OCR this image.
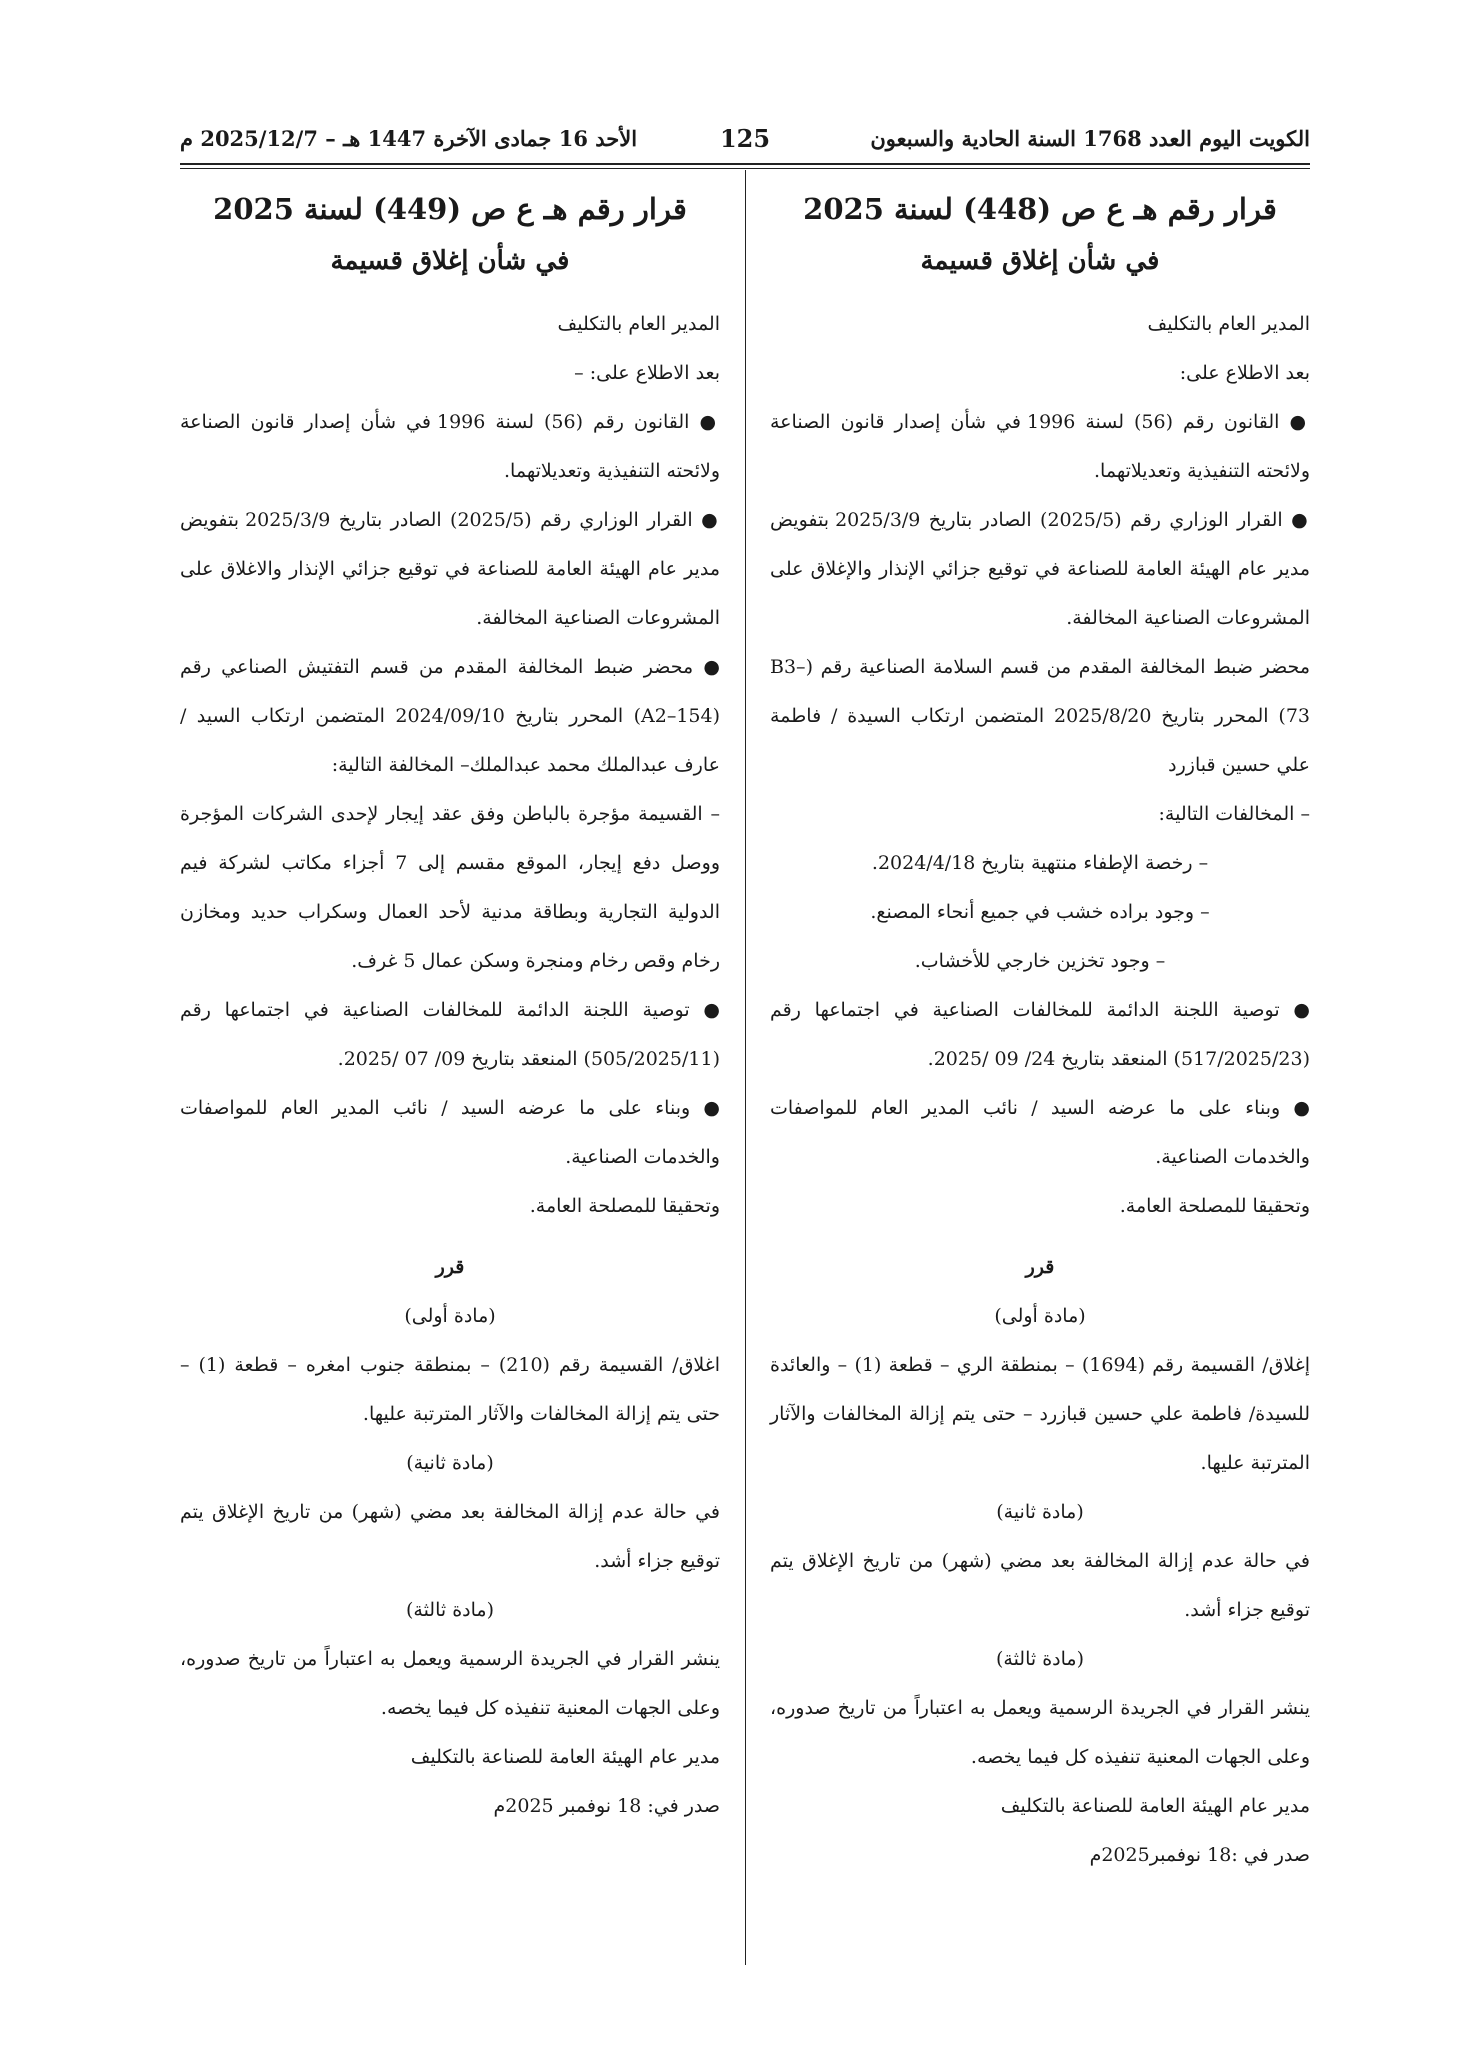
الكويت اليوم العدد 1768 السنة الحادية والسبعون
125
الأحد 16 جمادى الآخرة 1447 هـ – 2025/12/7 م
قرار رقم هـ ع ص (448) لسنة 2025
في شأن إغلاق قسيمة

المدير العام بالتكليف

بعد الاطلاع على:

● القانون رقم (56) لسنة 1996 في شأن إصدار قانون الصناعة ولائحته التنفيذية وتعديلاتهما.

● القرار الوزاري رقم (2025/5) الصادر بتاريخ 2025/3/9 بتفويض مدير عام الهيئة العامة للصناعة في توقيع جزائي الإنذار والإغلاق على المشروعات الصناعية المخالفة.

محضر ضبط المخالفة المقدم من قسم السلامة الصناعية رقم (B3–73) المحرر بتاريخ 2025/8/20 المتضمن ارتكاب السيدة / فاطمة علي حسين قبازرد

– المخالفات التالية:

– رخصة الإطفاء منتهية بتاريخ 2024/4/18.

– وجود براده خشب في جميع أنحاء المصنع.

– وجود تخزين خارجي للأخشاب.

● توصية اللجنة الدائمة للمخالفات الصناعية في اجتماعها رقم (517/2025/23) المنعقد بتاريخ 24/ 09 /2025.

● وبناء على ما عرضه السيد / نائب المدير العام للمواصفات والخدمات الصناعية.

وتحقيقا للمصلحة العامة.

قرر

(مادة أولى)

إغلاق/ القسيمة رقم (1694) – بمنطقة الري – قطعة (1) – والعائدة للسيدة/ فاطمة علي حسين قبازرد – حتى يتم إزالة المخالفات والآثار المترتبة عليها.

(مادة ثانية)

في حالة عدم إزالة المخالفة بعد مضي (شهر) من تاريخ الإغلاق يتم توقيع جزاء أشد.

(مادة ثالثة)

ينشر القرار في الجريدة الرسمية ويعمل به اعتباراً من تاريخ صدوره، وعلى الجهات المعنية تنفيذه كل فيما يخصه.

مدير عام الهيئة العامة للصناعة بالتكليف

صدر في :18 نوفمبر2025م

قرار رقم هـ ع ص (449) لسنة 2025
في شأن إغلاق قسيمة

المدير العام بالتكليف

بعد الاطلاع على: –

● القانون رقم (56) لسنة 1996 في شأن إصدار قانون الصناعة ولائحته التنفيذية وتعديلاتهما.

● القرار الوزاري رقم (2025/5) الصادر بتاريخ 2025/3/9 بتفويض مدير عام الهيئة العامة للصناعة في توقيع جزائي الإنذار والاغلاق على المشروعات الصناعية المخالفة.

● محضر ضبط المخالفة المقدم من قسم التفتيش الصناعي رقم (A2–154) المحرر بتاريخ 2024/09/10 المتضمن ارتكاب السيد / عارف عبدالملك محمد عبدالملك– المخالفة التالية:

– القسيمة مؤجرة بالباطن وفق عقد إيجار لإحدى الشركات المؤجرة ووصل دفع إيجار، الموقع مقسم إلى 7 أجزاء مكاتب لشركة فيم الدولية التجارية وبطاقة مدنية لأحد العمال وسكراب حديد ومخازن رخام وقص رخام ومنجرة وسكن عمال 5 غرف.

● توصية اللجنة الدائمة للمخالفات الصناعية في اجتماعها رقم (505/2025/11) المنعقد بتاريخ 09/ 07 /2025.

● وبناء على ما عرضه السيد / نائب المدير العام للمواصفات والخدمات الصناعية.

وتحقيقا للمصلحة العامة.

قرر

(مادة أولى)

اغلاق/ القسيمة رقم (210) – بمنطقة جنوب امغره – قطعة (1) – حتى يتم إزالة المخالفات والآثار المترتبة عليها.

(مادة ثانية)

في حالة عدم إزالة المخالفة بعد مضي (شهر) من تاريخ الإغلاق يتم توقيع جزاء أشد.

(مادة ثالثة)

ينشر القرار في الجريدة الرسمية ويعمل به اعتباراً من تاريخ صدوره، وعلى الجهات المعنية تنفيذه كل فيما يخصه.

مدير عام الهيئة العامة للصناعة بالتكليف

صدر في: 18 نوفمبر 2025م
